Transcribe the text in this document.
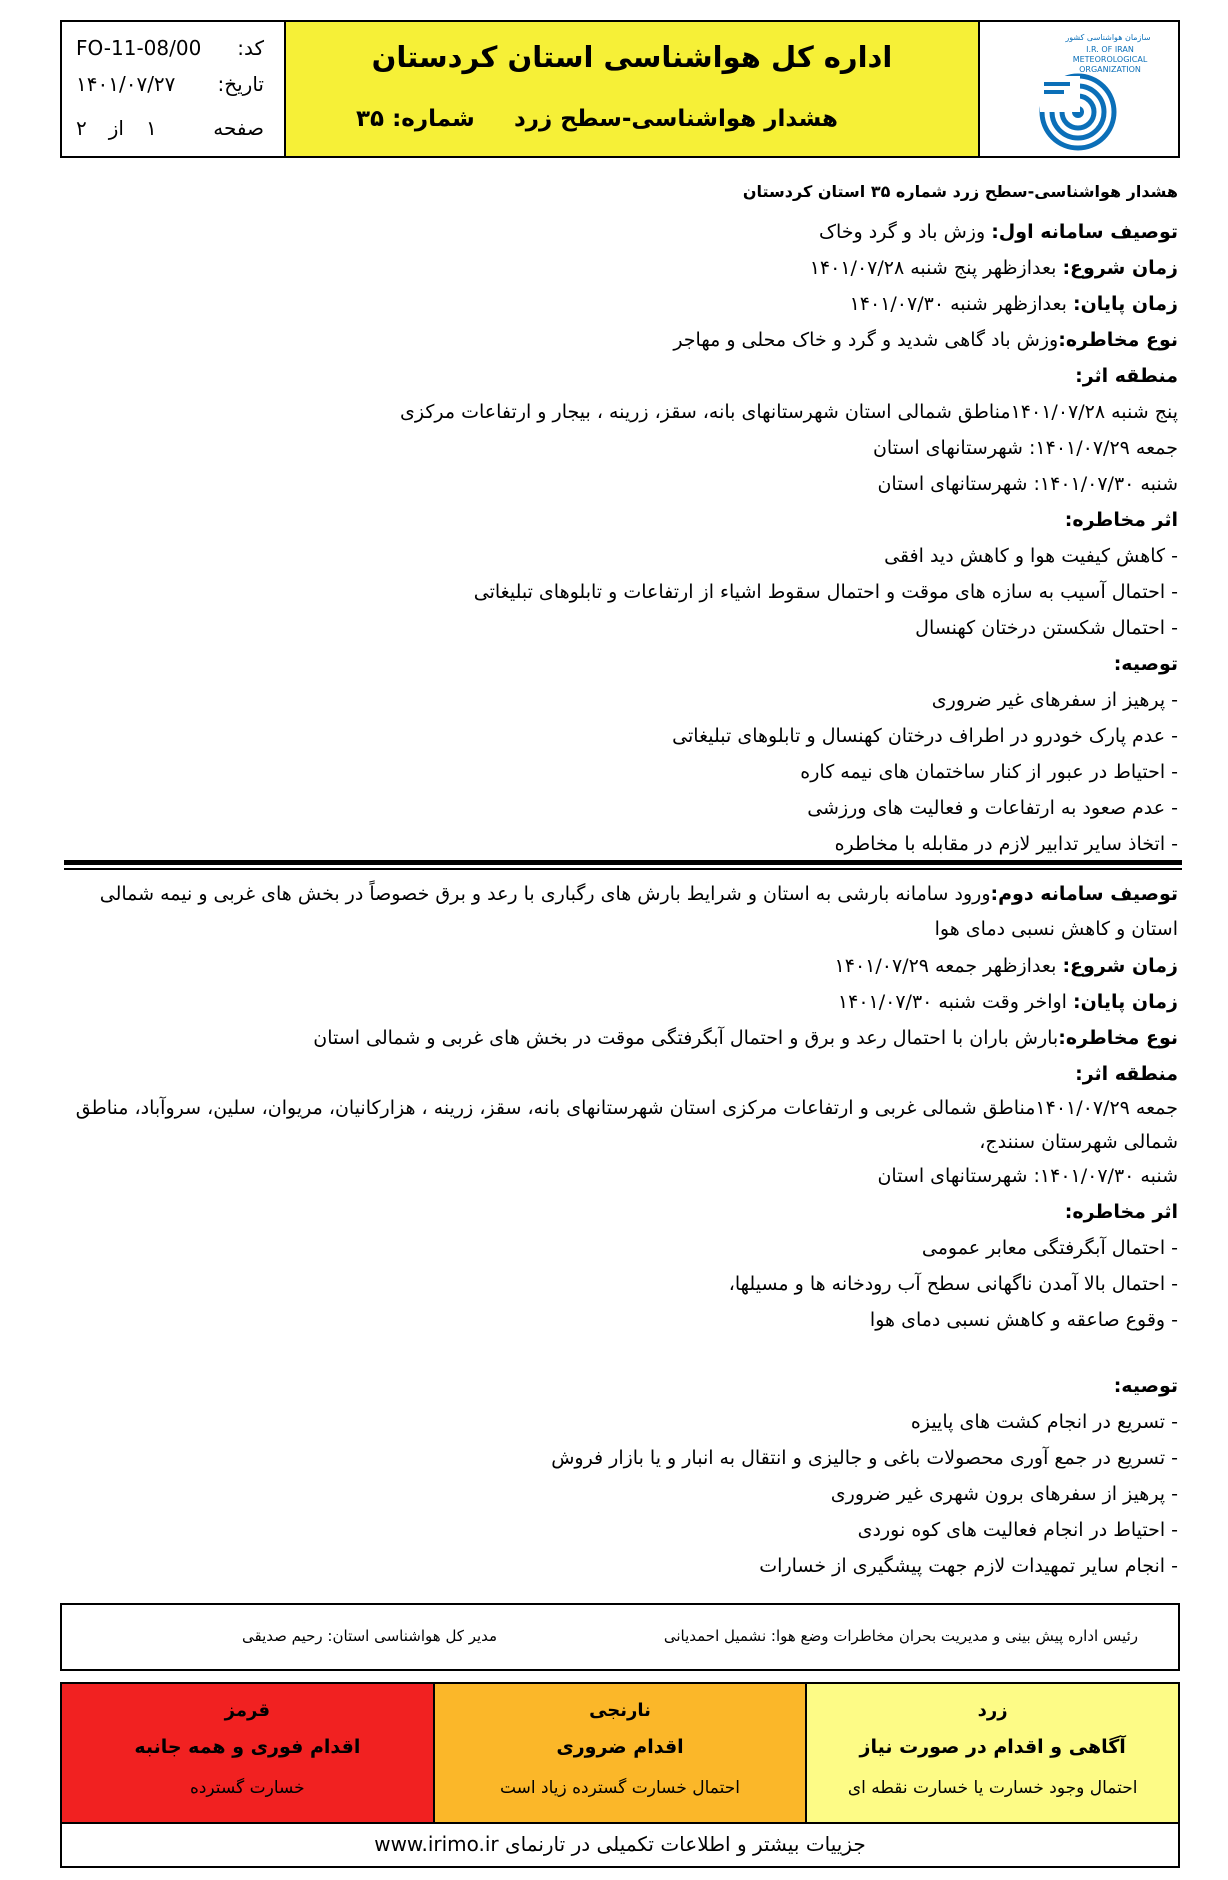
کد:
FO-11-08/00
تاریخ:
۱۴۰۱/۰۷/۲۷
صفحه
۱
از
۲
اداره کل هواشناسی استان کردستان
هشدار هواشناسی-سطح زرد
شماره: ۳۵
سازمان هواشناسی کشور
I.R. OF IRAN
METEOROLOGICAL
ORGANIZATION
هشدار هواشناسی-سطح زرد شماره ۳۵ استان کردستان
توصیف سامانه اول: وزش باد و گرد وخاک
زمان شروع: بعدازظهر پنج شنبه ۱۴۰۱/۰۷/۲۸
زمان پایان: بعدازظهر شنبه ۱۴۰۱/۰۷/۳۰
نوع مخاطره:وزش باد گاهی شدید و گرد و خاک محلی و مهاجر
منطقه اثر:
پنج شنبه ۱۴۰۱/۰۷/۲۸مناطق شمالی استان شهرستانهای بانه، سقز، زرینه ، بیجار و ارتفاعات مرکزی
جمعه ۱۴۰۱/۰۷/۲۹: شهرستانهای استان
شنبه ۱۴۰۱/۰۷/۳۰: شهرستانهای استان
اثر مخاطره:
- کاهش کیفیت هوا و کاهش دید افقی
- احتمال آسیب به سازه های موقت و احتمال سقوط اشیاء از ارتفاعات و تابلوهای تبلیغاتی
- احتمال شکستن درختان کهنسال
توصیه:
- پرهیز از سفرهای غیر ضروری
- عدم پارک خودرو در اطراف درختان کهنسال و تابلوهای تبلیغاتی
- احتیاط در عبور از کنار ساختمان های نیمه کاره
- عدم صعود به ارتفاعات و فعالیت های ورزشی
- اتخاذ سایر تدابیر لازم در مقابله با مخاطره
توصیف سامانه دوم:ورود سامانه بارشی به استان و شرایط بارش های رگباری با رعد و برق خصوصاً در بخش های غربی و نیمه شمالی
استان و کاهش نسبی دمای هوا
زمان شروع: بعدازظهر جمعه ۱۴۰۱/۰۷/۲۹
زمان پایان: اواخر وقت شنبه ۱۴۰۱/۰۷/۳۰
نوع مخاطره:بارش باران با احتمال رعد و برق و احتمال آبگرفتگی موقت در بخش های غربی و شمالی استان
منطقه اثر:
جمعه ۱۴۰۱/۰۷/۲۹مناطق شمالی غربی و ارتفاعات مرکزی استان شهرستانهای بانه، سقز، زرینه ، هزارکانیان، مریوان، سلین، سروآباد، مناطق
شمالی شهرستان سنندج،
شنبه ۱۴۰۱/۰۷/۳۰: شهرستانهای استان
اثر مخاطره:
- احتمال آبگرفتگی معابر عمومی
- احتمال بالا آمدن ناگهانی سطح آب رودخانه ها و مسیلها،
- وقوع صاعقه و کاهش نسبی دمای هوا
توصیه:
- تسریع در انجام کشت های پاییزه
- تسریع در جمع آوری محصولات باغی و جالیزی و انتقال به انبار و یا بازار فروش
- پرهیز از سفرهای برون شهری غیر ضروری
- احتیاط در انجام فعالیت های کوه نوردی
- انجام سایر تمهیدات لازم جهت پیشگیری از خسارات
رئیس اداره پیش بینی و مدیریت بحران مخاطرات وضع هوا: نشمیل احمدیانی
مدیر کل هواشناسی استان: رحیم صدیقی
زرد
آگاهی و اقدام در صورت نیاز
احتمال وجود خسارت یا خسارت نقطه ای
نارنجی
اقدام ضروری
احتمال خسارت گسترده زیاد است
قرمز
اقدام فوری و همه جانبه
خسارت گسترده
جزییات بیشتر و اطلاعات تکمیلی در تارنمای www.irimo.ir
